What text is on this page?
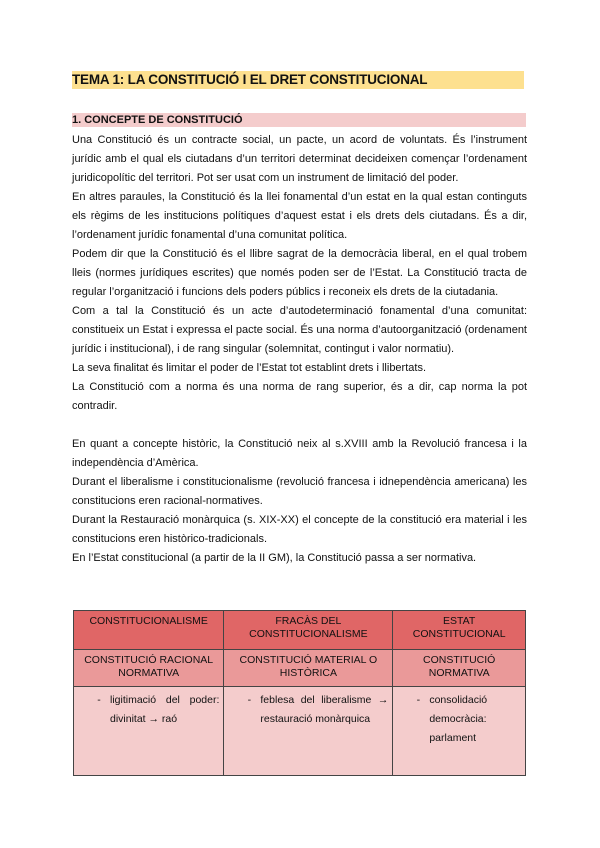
TEMA 1: LA CONSTITUCIÓ I EL DRET CONSTITUCIONAL
1. CONCEPTE DE CONSTITUCIÓ

Una Constitució és un contracte social, un pacte, un acord de voluntats. És l’instrument jurídic amb el qual els ciutadans d’un territori determinat decideixen començar l’ordenament juridicopolític del territori. Pot ser usat com un instrument de limitació del poder.

En altres paraules, la Constitució és la llei fonamental d’un estat en la qual estan continguts els règims de les institucions polítiques d’aquest estat i els drets dels ciutadans. És a dir, l’ordenament jurídic fonamental d’una comunitat política.

Podem dir que la Constitució és el llibre sagrat de la democràcia liberal, en el qual trobem lleis (normes jurídiques escrites) que només poden ser de l’Estat. La Constitució tracta de regular l’organització i funcions dels poders públics i reconeix els drets de la ciutadania.

Com a tal la Constitució és un acte d’autodeterminació fonamental d’una comunitat: constitueix un Estat i expressa el pacte social. És una norma d’autoorganització (ordenament jurídic i institucional), i de rang singular (solemnitat, contingut i valor normatiu).

La seva finalitat és limitar el poder de l’Estat tot establint drets i llibertats.

La Constitució com a norma és una norma de rang superior, és a dir, cap norma la pot contradir.

En quant a concepte històric, la Constitució neix al s.XVIII amb la Revolució francesa i la independència d’Amèrica.

Durant el liberalisme i constitucionalisme (revolució francesa i idnependència americana) les constitucions eren racional-normatives.

Durant la Restauració monàrquica (s. XIX-XX) el concepte de la constitució era material i les constitucions eren històrico-tradicionals.

En l’Estat constitucional (a partir de la II GM), la Constitució passa a ser normativa.

CONSTITUCIONALISME	FRACÀS DEL CONSTITUCIONALISME	ESTAT CONSTITUCIONAL
CONSTITUCIÓ RACIONAL NORMATIVA	CONSTITUCIÓ MATERIAL O HISTÒRICA	CONSTITUCIÓ NORMATIVA

- ligitimació del poder: divinitat → raó	- feblesa del liberalisme → restauració monàrquica	- consolidació democràcia: parlament
